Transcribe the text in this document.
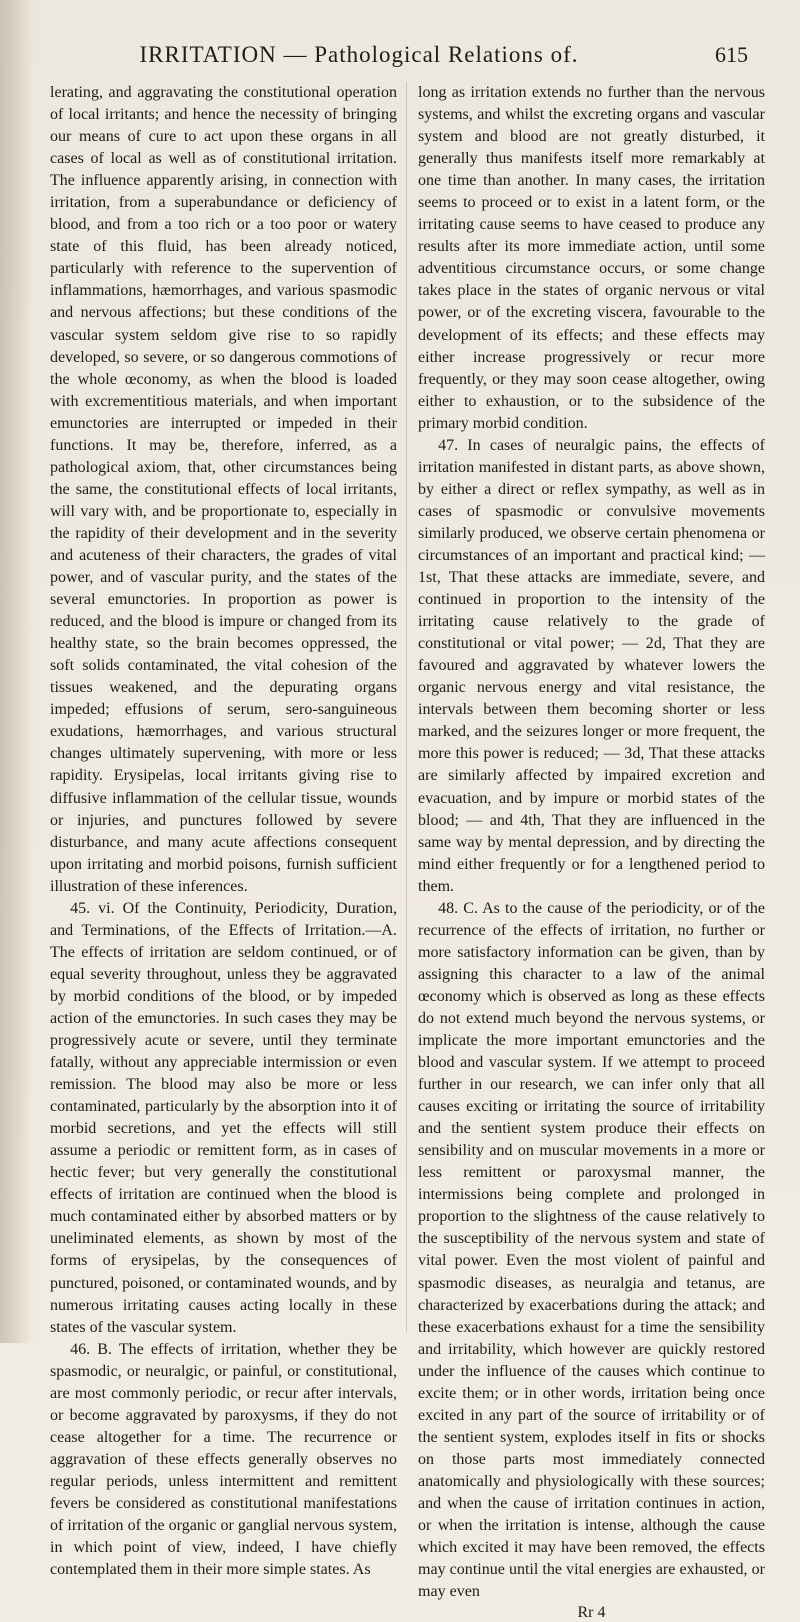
IRRITATION — Pathological Relations of.	615

lerating, and aggravating the constitutional operation of local irritants; and hence the necessity of bringing our means of cure to act upon these organs in all cases of local as well as of constitutional irritation. The influence apparently arising, in connection with irritation, from a superabundance or deficiency of blood, and from a too rich or a too poor or watery state of this fluid, has been already noticed, particularly with reference to the supervention of inflammations, hæmorrhages, and various spasmodic and nervous affections; but these conditions of the vascular system seldom give rise to so rapidly developed, so severe, or so dangerous commotions of the whole œconomy, as when the blood is loaded with excrementitious materials, and when important emunctories are interrupted or impeded in their functions. It may be, therefore, inferred, as a pathological axiom, that, other circumstances being the same, the constitutional effects of local irritants, will vary with, and be proportionate to, especially in the rapidity of their development and in the severity and acuteness of their characters, the grades of vital power, and of vascular purity, and the states of the several emunctories. In proportion as power is reduced, and the blood is impure or changed from its healthy state, so the brain becomes oppressed, the soft solids contaminated, the vital cohesion of the tissues weakened, and the depurating organs impeded; effusions of serum, sero-sanguineous exudations, hæmorrhages, and various structural changes ultimately supervening, with more or less rapidity. Erysipelas, local irritants giving rise to diffusive inflammation of the cellular tissue, wounds or injuries, and punctures followed by severe disturbance, and many acute affections consequent upon irritating and morbid poisons, furnish sufficient illustration of these inferences.

45. vi. Of the Continuity, Periodicity, Duration, and Terminations, of the Effects of Irritation.—A. The effects of irritation are seldom continued, or of equal severity throughout, unless they be aggravated by morbid conditions of the blood, or by impeded action of the emunctories. In such cases they may be progressively acute or severe, until they terminate fatally, without any appreciable intermission or even remission. The blood may also be more or less contaminated, particularly by the absorption into it of morbid secretions, and yet the effects will still assume a periodic or remittent form, as in cases of hectic fever; but very generally the constitutional effects of irritation are continued when the blood is much contaminated either by absorbed matters or by uneliminated elements, as shown by most of the forms of erysipelas, by the consequences of punctured, poisoned, or contaminated wounds, and by numerous irritating causes acting locally in these states of the vascular system.

46. B. The effects of irritation, whether they be spasmodic, or neuralgic, or painful, or constitutional, are most commonly periodic, or recur after intervals, or become aggravated by paroxysms, if they do not cease altogether for a time. The recurrence or aggravation of these effects generally observes no regular periods, unless intermittent and remittent fevers be considered as constitutional manifestations of irritation of the organic or ganglial nervous system, in which point of view, indeed, I have chiefly contemplated them in their more simple states. As

long as irritation extends no further than the nervous systems, and whilst the excreting organs and vascular system and blood are not greatly disturbed, it generally thus manifests itself more remarkably at one time than another. In many cases, the irritation seems to proceed or to exist in a latent form, or the irritating cause seems to have ceased to produce any results after its more immediate action, until some adventitious circumstance occurs, or some change takes place in the states of organic nervous or vital power, or of the excreting viscera, favourable to the development of its effects; and these effects may either increase progressively or recur more frequently, or they may soon cease altogether, owing either to exhaustion, or to the subsidence of the primary morbid condition.

47. In cases of neuralgic pains, the effects of irritation manifested in distant parts, as above shown, by either a direct or reflex sympathy, as well as in cases of spasmodic or convulsive movements similarly produced, we observe certain phenomena or circumstances of an important and practical kind; — 1st, That these attacks are immediate, severe, and continued in proportion to the intensity of the irritating cause relatively to the grade of constitutional or vital power; — 2d, That they are favoured and aggravated by whatever lowers the organic nervous energy and vital resistance, the intervals between them becoming shorter or less marked, and the seizures longer or more frequent, the more this power is reduced; — 3d, That these attacks are similarly affected by impaired excretion and evacuation, and by impure or morbid states of the blood; — and 4th, That they are influenced in the same way by mental depression, and by directing the mind either frequently or for a lengthened period to them.

48. C. As to the cause of the periodicity, or of the recurrence of the effects of irritation, no further or more satisfactory information can be given, than by assigning this character to a law of the animal œconomy which is observed as long as these effects do not extend much beyond the nervous systems, or implicate the more important emunctories and the blood and vascular system. If we attempt to proceed further in our research, we can infer only that all causes exciting or irritating the source of irritability and the sentient system produce their effects on sensibility and on muscular movements in a more or less remittent or paroxysmal manner, the intermissions being complete and prolonged in proportion to the slightness of the cause relatively to the susceptibility of the nervous system and state of vital power. Even the most violent of painful and spasmodic diseases, as neuralgia and tetanus, are characterized by exacerbations during the attack; and these exacerbations exhaust for a time the sensibility and irritability, which however are quickly restored under the influence of the causes which continue to excite them; or in other words, irritation being once excited in any part of the source of irritability or of the sentient system, explodes itself in fits or shocks on those parts most immediately connected anatomically and physiologically with these sources; and when the cause of irritation continues in action, or when the irritation is intense, although the cause which excited it may have been removed, the effects may continue until the vital energies are exhausted, or may even

Rr 4
